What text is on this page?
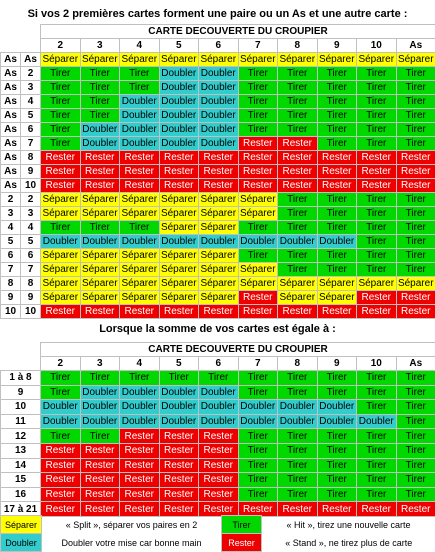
Si vos 2 premières cartes forment une paire ou un As et une autre carte :
		CARTE DECOUVERTE DU CROUPIER									
		2	3	4	5	6	7	8	9	10	As
As	As	Séparer	Séparer	Séparer	Séparer	Séparer	Séparer	Séparer	Séparer	Séparer	Séparer
As	2	Tirer	Tirer	Tirer	Doubler	Doubler	Tirer	Tirer	Tirer	Tirer	Tirer
As	3	Tirer	Tirer	Tirer	Doubler	Doubler	Tirer	Tirer	Tirer	Tirer	Tirer
As	4	Tirer	Tirer	Doubler	Doubler	Doubler	Tirer	Tirer	Tirer	Tirer	Tirer
As	5	Tirer	Tirer	Doubler	Doubler	Doubler	Tirer	Tirer	Tirer	Tirer	Tirer
As	6	Tirer	Doubler	Doubler	Doubler	Doubler	Tirer	Tirer	Tirer	Tirer	Tirer
As	7	Tirer	Doubler	Doubler	Doubler	Doubler	Rester	Rester	Tirer	Tirer	Tirer
As	8	Rester	Rester	Rester	Rester	Rester	Rester	Rester	Rester	Rester	Rester
As	9	Rester	Rester	Rester	Rester	Rester	Rester	Rester	Rester	Rester	Rester
As	10	Rester	Rester	Rester	Rester	Rester	Rester	Rester	Rester	Rester	Rester
2	2	Séparer	Séparer	Séparer	Séparer	Séparer	Séparer	Tirer	Tirer	Tirer	Tirer
3	3	Séparer	Séparer	Séparer	Séparer	Séparer	Séparer	Tirer	Tirer	Tirer	Tirer
4	4	Tirer	Tirer	Tirer	Séparer	Séparer	Tirer	Tirer	Tirer	Tirer	Tirer
5	5	Doubler	Doubler	Doubler	Doubler	Doubler	Doubler	Doubler	Doubler	Tirer	Tirer
6	6	Séparer	Séparer	Séparer	Séparer	Séparer	Tirer	Tirer	Tirer	Tirer	Tirer
7	7	Séparer	Séparer	Séparer	Séparer	Séparer	Séparer	Tirer	Tirer	Tirer	Tirer
8	8	Séparer	Séparer	Séparer	Séparer	Séparer	Séparer	Séparer	Séparer	Séparer	Séparer
9	9	Séparer	Séparer	Séparer	Séparer	Séparer	Rester	Séparer	Séparer	Rester	Rester
10	10	Rester	Rester	Rester	Rester	Rester	Rester	Rester	Rester	Rester	Rester
Lorsque la somme de vos cartes est égale à :
	CARTE DECOUVERTE DU CROUPIER									
	2	3	4	5	6	7	8	9	10	As
1 à 8	Tirer	Tirer	Tirer	Tirer	Tirer	Tirer	Tirer	Tirer	Tirer	Tirer
9	Tirer	Doubler	Doubler	Doubler	Doubler	Tirer	Tirer	Tirer	Tirer	Tirer
10	Doubler	Doubler	Doubler	Doubler	Doubler	Doubler	Doubler	Doubler	Tirer	Tirer
11	Doubler	Doubler	Doubler	Doubler	Doubler	Doubler	Doubler	Doubler	Doubler	Tirer
12	Tirer	Tirer	Rester	Rester	Rester	Tirer	Tirer	Tirer	Tirer	Tirer
13	Rester	Rester	Rester	Rester	Rester	Tirer	Tirer	Tirer	Tirer	Tirer
14	Rester	Rester	Rester	Rester	Rester	Tirer	Tirer	Tirer	Tirer	Tirer
15	Rester	Rester	Rester	Rester	Rester	Tirer	Tirer	Tirer	Tirer	Tirer
16	Rester	Rester	Rester	Rester	Rester	Tirer	Tirer	Tirer	Tirer	Tirer
17 à 21	Rester	Rester	Rester	Rester	Rester	Rester	Rester	Rester	Rester	Rester
Séparer	« Split », séparer vos paires en 2	Tirer	« Hit », tirez une nouvelle carte
Doubler	Doubler votre mise car bonne main	Rester	« Stand », ne tirez plus de carte
